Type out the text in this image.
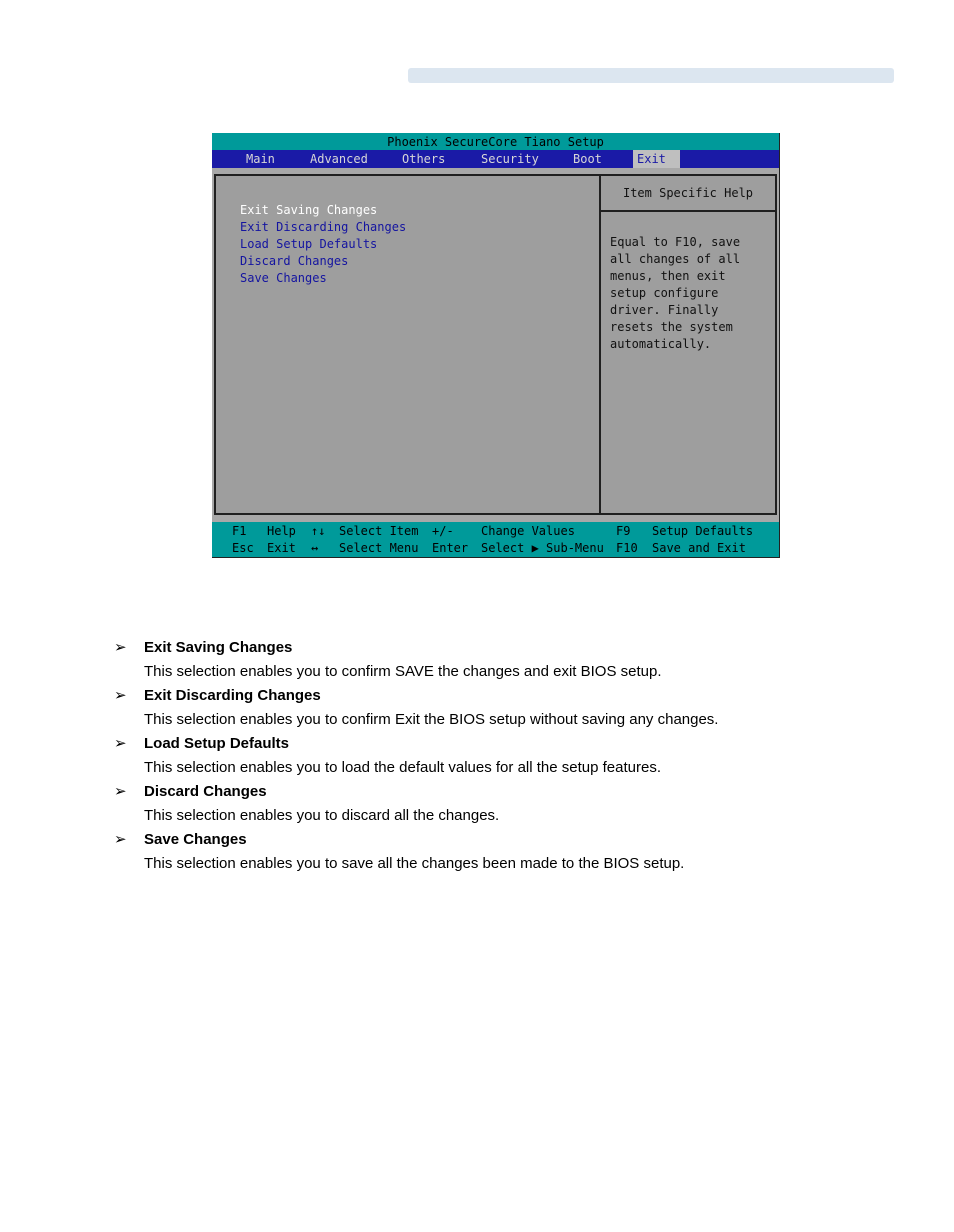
Phoenix SecureCore Tiano Setup
Main	Advanced	Others	Security	Boot	Exit
Exit Saving Changes
Exit Discarding Changes
Load Setup Defaults
Discard Changes
Save Changes
Item Specific Help
Equal to F10, save
all changes of all
menus, then exit
setup configure
driver. Finally
resets the system
automatically.
F1 Help ↑↓ Select Item +/- Change Values	F9 Setup Defaults
Esc Exit ↔ Select Menu Enter Select ▶ Sub-Menu F10 Save and Exit
➢ Exit Saving Changes
This selection enables you to confirm SAVE the changes and exit BIOS setup.
➢ Exit Discarding Changes
This selection enables you to confirm Exit the BIOS setup without saving any changes.
➢ Load Setup Defaults
This selection enables you to load the default values for all the setup features.
➢ Discard Changes
This selection enables you to discard all the changes.
➢ Save Changes
This selection enables you to save all the changes been made to the BIOS setup.
